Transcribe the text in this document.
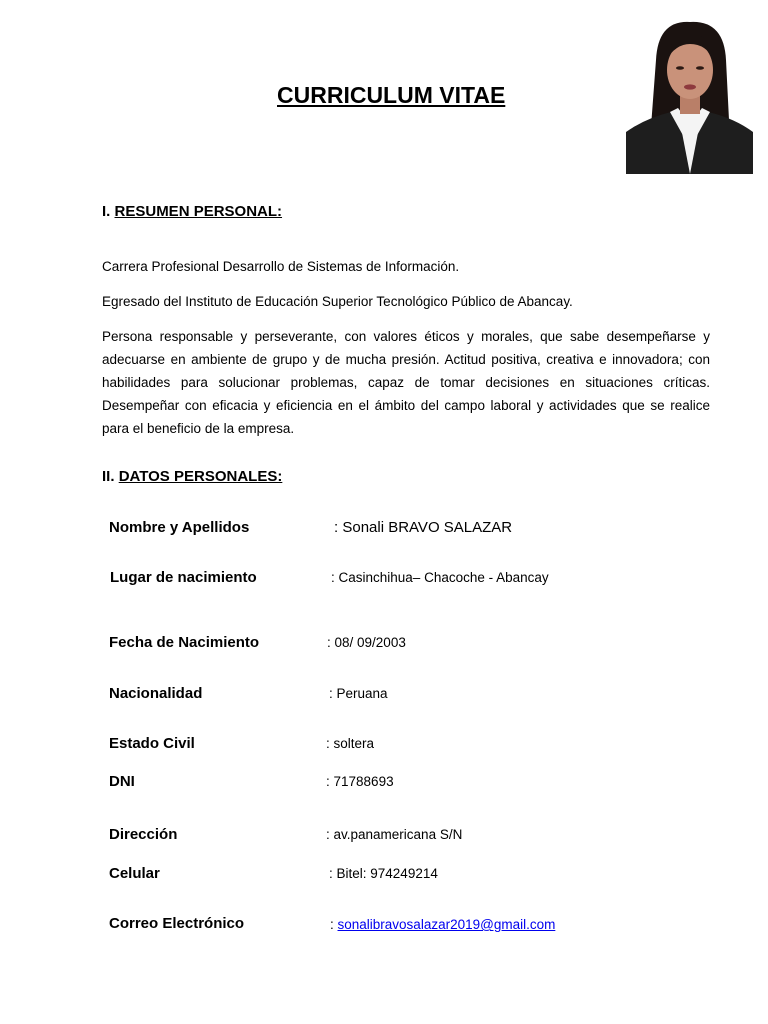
CURRICULUM VITAE
I. RESUMEN PERSONAL:
Carrera Profesional Desarrollo de Sistemas de Información.
Egresado del Instituto de Educación Superior Tecnológico Público de Abancay.
Persona responsable y perseverante, con valores éticos y morales, que sabe desempeñarse y adecuarse en ambiente de grupo y de mucha presión. Actitud positiva, creativa e innovadora; con habilidades para solucionar problemas, capaz de tomar decisiones en situaciones críticas. Desempeñar con eficacia y eficiencia en el ámbito del campo laboral y actividades que se realice para el beneficio de la empresa.
II. DATOS PERSONALES:
Nombre y Apellidos	: Sonali BRAVO SALAZAR
Lugar de nacimiento	: Casinchihua– Chacoche - Abancay
Fecha de Nacimiento	: 08/ 09/2003
Nacionalidad	: Peruana
Estado Civil	: soltera
DNI	: 71788693
Dirección	: av.panamericana S/N
Celular	: Bitel: 974249214
Correo Electrónico	: sonalibravosalazar2019@gmail.com
